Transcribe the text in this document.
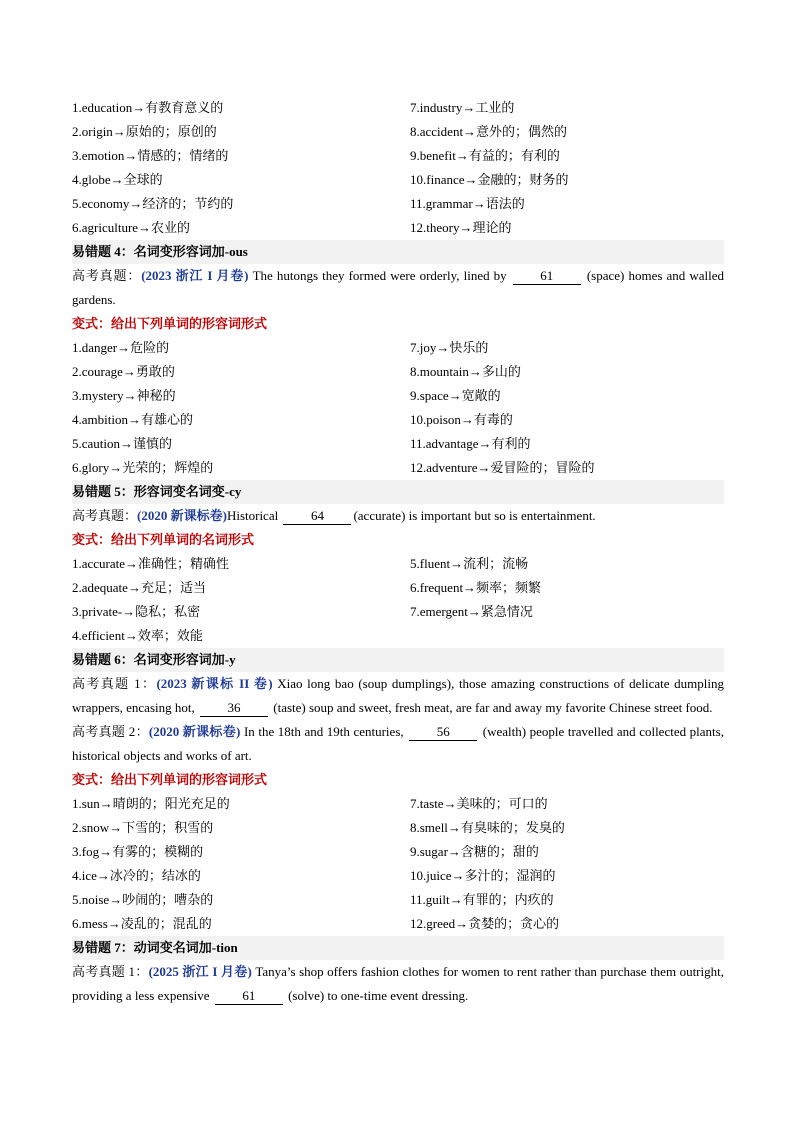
1.education→有教育意义的	7.industry→工业的
2.origin→原始的；原创的	8.accident→意外的；偶然的
3.emotion→情感的；情绪的	9.benefit→有益的；有利的
4.globe→全球的	10.finance→金融的；财务的
5.economy→经济的；节约的	11.grammar→语法的
6.agriculture→农业的	12.theory→理论的
易错题 4：名词变形容词加-ous
高考真题：(2023 浙江 I 月卷) The hutongs they formed were orderly, lined by 61 (space) homes and walled gardens.
变式：给出下列单词的形容词形式
1.danger→危险的	7.joy→快乐的
2.courage→勇敢的	8.mountain→多山的
3.mystery→神秘的	9.space→宽敞的
4.ambition→有雄心的	10.poison→有毒的
5.caution→谨慎的	11.advantage→有利的
6.glory→光荣的；辉煌的	12.adventure→爱冒险的；冒险的
易错题 5：形容词变名词变-cy
高考真题：(2020 新课标卷)Historical 64 (accurate) is important but so is entertainment.
变式：给出下列单词的名词形式
1.accurate→准确性；精确性	5.fluent→流利；流畅
2.adequate→充足；适当	6.frequent→频率；频繁
3.private-→隐私；私密	7.emergent→紧急情况
4.efficient→效率；效能
易错题 6：名词变形容词加-y
高考真题 1：(2023 新课标 II 卷) Xiao long bao (soup dumplings), those amazing constructions of delicate dumpling wrappers, encasing hot, 36 (taste) soup and sweet, fresh meat, are far and away my favorite Chinese street food.
高考真题 2：(2020 新课标卷) In the 18th and 19th centuries, 56 (wealth) people travelled and collected plants, historical objects and works of art.
变式：给出下列单词的形容词形式
1.sun→晴朗的；阳光充足的	7.taste→美味的；可口的
2.snow→下雪的；积雪的	8.smell→有臭味的；发臭的
3.fog→有雾的；模糊的	9.sugar→含糖的；甜的
4.ice→冰冷的；结冰的	10.juice→多汁的；湿润的
5.noise→吵闹的；嘈杂的	11.guilt→有罪的；内疚的
6.mess→凌乱的；混乱的	12.greed→贪婪的；贪心的
易错题 7：动词变名词加-tion
高考真题 1：(2025 浙江 I 月卷) Tanya’s shop offers fashion clothes for women to rent rather than purchase them outright, providing a less expensive 61 (solve) to one-time event dressing.
